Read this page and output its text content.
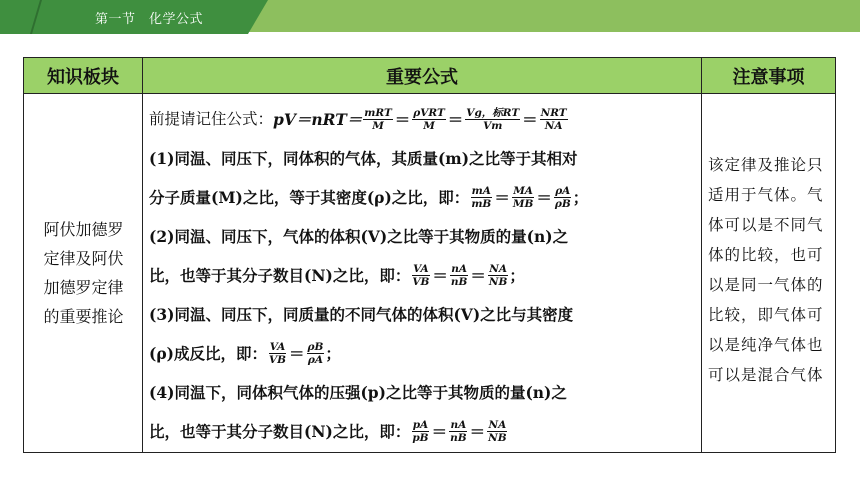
第一节　化学公式
知识板块	重要公式	注意事项
阿伏加德罗
定律及阿伏
加德罗定律
的重要推论
前提请记住公式： $pV=nRT= \frac{\text{mRT}}{M} = \frac{\text{ρVRT}}{M} = \frac{\text{Vg，标RT}}{Vm} = \frac{\text{NRT}}{NA}$
(1)同温、同压下，同体积的气体，其质量(m)之比等于其相对
分子质量(M)之比，等于其密度(ρ)之比，即： $\frac{mA}{mB} = \frac{MA}{MB} = \frac{\rho A}{\rho B}$ ；
(2)同温、同压下，气体的体积(V)之比等于其物质的量(n)之
比，也等于其分子数目(N)之比，即： $\frac{VA}{VB} = \frac{nA}{nB} = \frac{NA}{NB}$ ；
(3)同温、同压下，同质量的不同气体的体积(V)之比与其密度
(ρ)成反比，即： $\frac{VA}{VB} = \frac{\rho B}{\rho A}$ ；
(4)同温下，同体积气体的压强(p)之比等于其物质的量(n)之
比，也等于其分子数目(N)之比，即： $\frac{pA}{pB} = \frac{nA}{nB} = \frac{NA}{NB}$
该定律及推论只
适用于气体。气
体可以是不同气
体的比较，也可
以是同一气体的
比较，即气体可
以是纯净气体也
可以是混合气体
